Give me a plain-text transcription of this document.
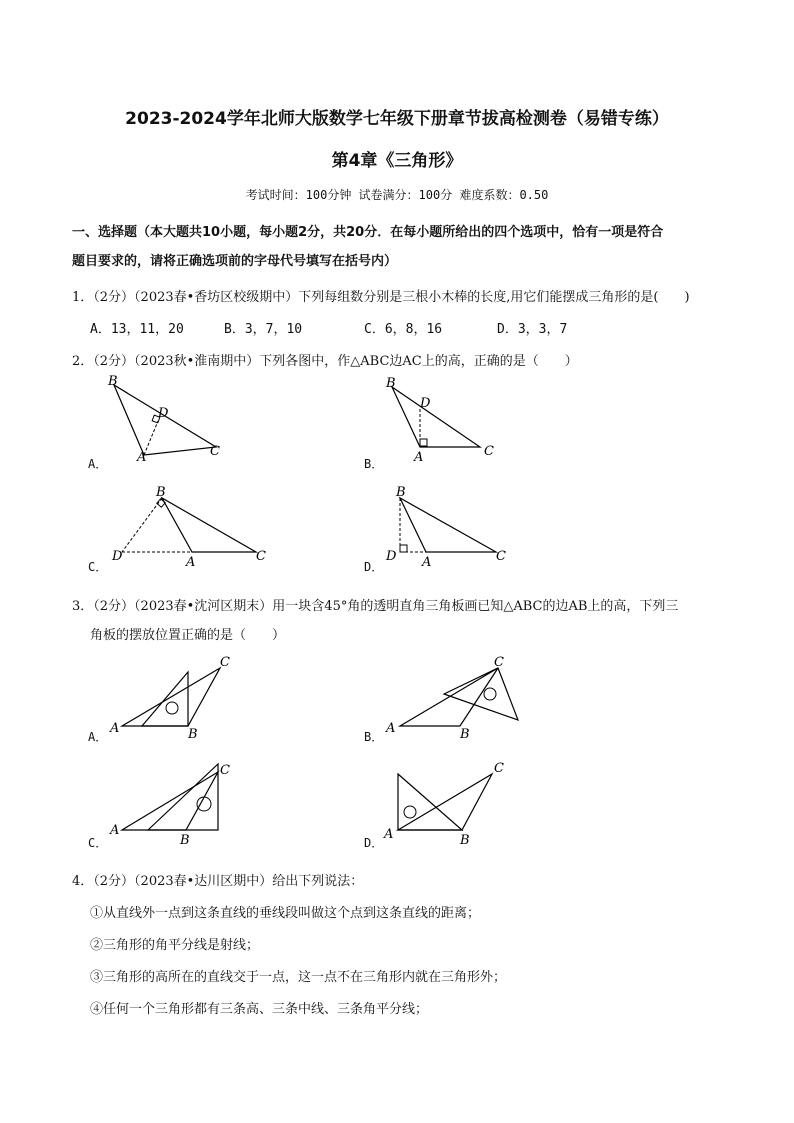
2023-2024学年北师大版数学七年级下册章节拔高检测卷（易错专练）
第4章《三角形》
考试时间：100分钟 试卷满分：100分 难度系数：0.50
一、选择题（本大题共10小题，每小题2分，共20分．在每小题所给出的四个选项中，恰有一项是符合
题目要求的，请将正确选项前的字母代号填写在括号内）
1．（2分）（2023春•香坊区校级期中）下列每组数分别是三根小木棒的长度,用它们能摆成三角形的是(　　)
A．13，11，20	B．3，7，10	C．6，8，16	D．3，3，7
2．（2分）（2023秋•淮南期中）下列各图中，作△ABC边AC上的高，正确的是（　　）
A．
B
D
A	C
B．
B
D
A	C
C．
B
D	A	C
D．
B
D A	C
3．（2分）（2023春•沈河区期末）用一块含45°角的透明直角三角板画已知△ABC的边AB上的高，下列三
角板的摆放位置正确的是（　　）
A．
A	B
C
B．
A	B
C
C．
A
B
C
D．
A	B
C
4．（2分）（2023春•达川区期中）给出下列说法：
①从直线外一点到这条直线的垂线段叫做这个点到这条直线的距离；
②三角形的角平分线是射线；
③三角形的高所在的直线交于一点，这一点不在三角形内就在三角形外；
④任何一个三角形都有三条高、三条中线、三条角平分线；
